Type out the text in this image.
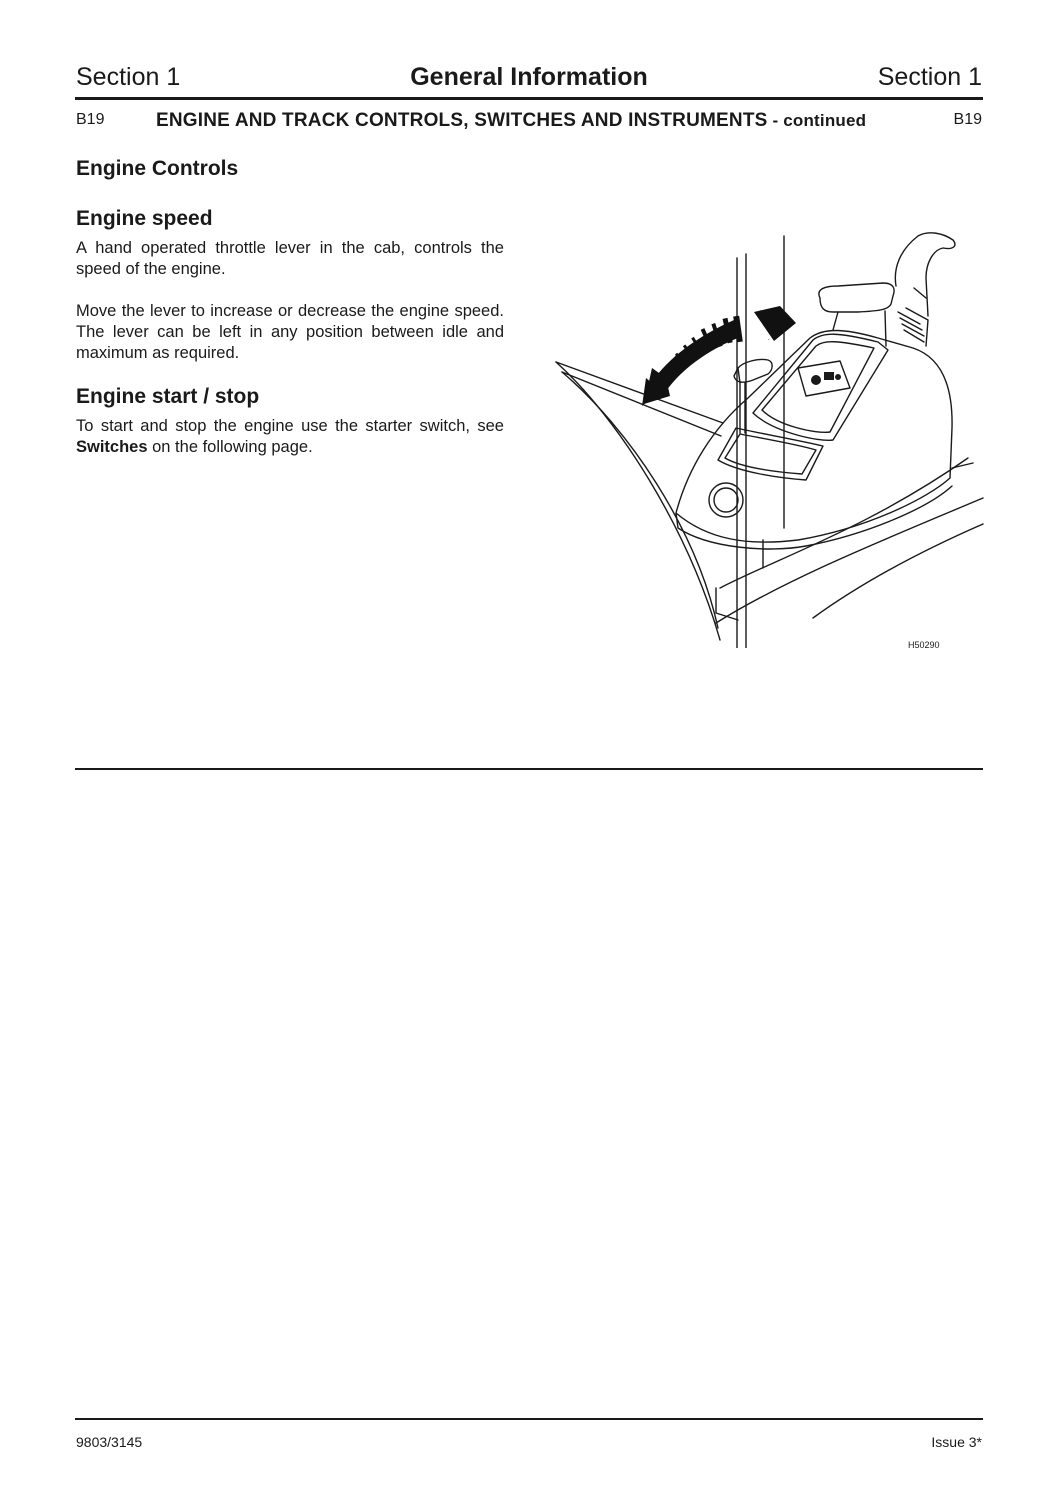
Section 1	General Information	Section 1
B19	ENGINE AND TRACK CONTROLS, SWITCHES AND INSTRUMENTS - continued	B19
Engine Controls
Engine speed

A hand operated throttle lever in the cab, controls the speed of the engine.

Move the lever to increase or decrease the engine speed. The lever can be left in any position between idle and maximum as required.

Engine start / stop

To start and stop the engine use the starter switch, see Switches on the following page.

H50290
9803/3145	Issue 3*
